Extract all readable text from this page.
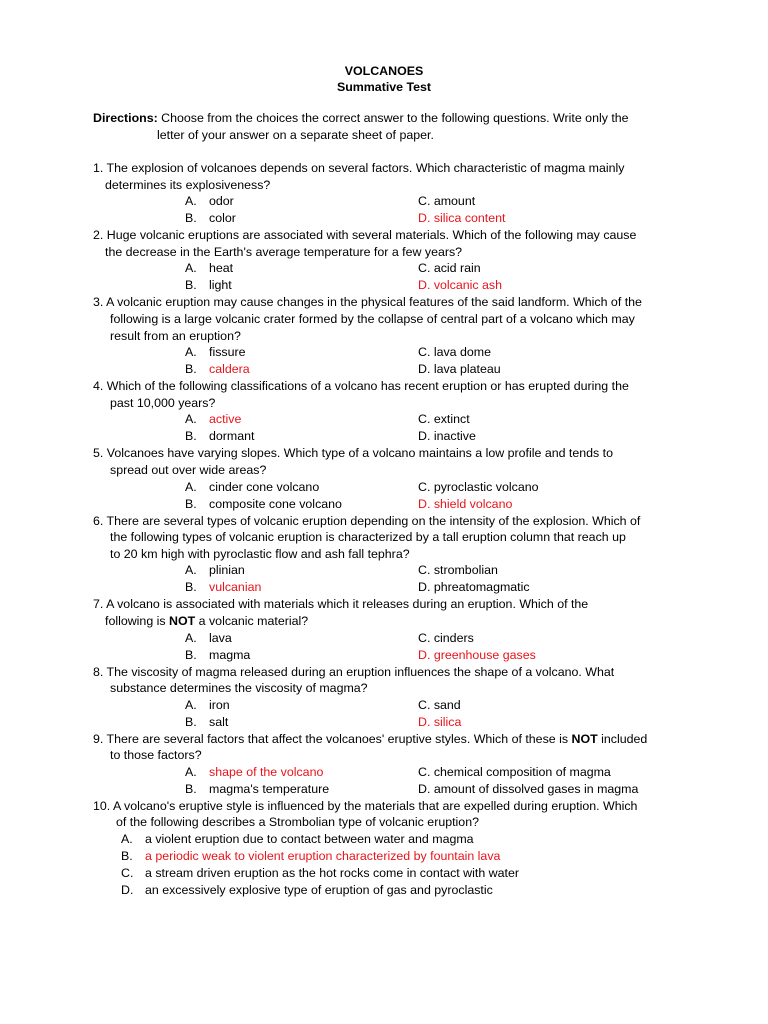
VOLCANOES
Summative Test
Directions: Choose from the choices the correct answer to the following questions. Write only the
letter of your answer on a separate sheet of paper.
1. The explosion of volcanoes depends on several factors. Which characteristic of magma mainly
determines its explosiveness?
A. odor
B. color
C. amount
D. silica content
2. Huge volcanic eruptions are associated with several materials. Which of the following may cause
the decrease in the Earth's average temperature for a few years?
A. heat
B. light
C. acid rain
D. volcanic ash
3. A volcanic eruption may cause changes in the physical features of the said landform. Which of the
following is a large volcanic crater formed by the collapse of central part of a volcano which may
result from an eruption?
A. fissure
B. caldera
C. lava dome
D. lava plateau
4. Which of the following classifications of a volcano has recent eruption or has erupted during the
past 10,000 years?
A. active
B. dormant
C. extinct
D. inactive
5. Volcanoes have varying slopes. Which type of a volcano maintains a low profile and tends to
spread out over wide areas?
A. cinder cone volcano
B. composite cone volcano
C. pyroclastic volcano
D. shield volcano
6. There are several types of volcanic eruption depending on the intensity of the explosion. Which of
the following types of volcanic eruption is characterized by a tall eruption column that reach up
to 20 km high with pyroclastic flow and ash fall tephra?
A. plinian
B. vulcanian
C. strombolian
D. phreatomagmatic
7. A volcano is associated with materials which it releases during an eruption. Which of the
following is NOT a volcanic material?
A. lava
B. magma
C. cinders
D. greenhouse gases
8. The viscosity of magma released during an eruption influences the shape of a volcano. What
substance determines the viscosity of magma?
A. iron
B. salt
C. sand
D. silica
9. There are several factors that affect the volcanoes' eruptive styles. Which of these is NOT included
to those factors?
A. shape of the volcano
B. magma's temperature
C. chemical composition of magma
D. amount of dissolved gases in magma
10. A volcano's eruptive style is influenced by the materials that are expelled during eruption. Which
of the following describes a Strombolian type of volcanic eruption?
A. a violent eruption due to contact between water and magma
B. a periodic weak to violent eruption characterized by fountain lava
C. a stream driven eruption as the hot rocks come in contact with water
D. an excessively explosive type of eruption of gas and pyroclastic
